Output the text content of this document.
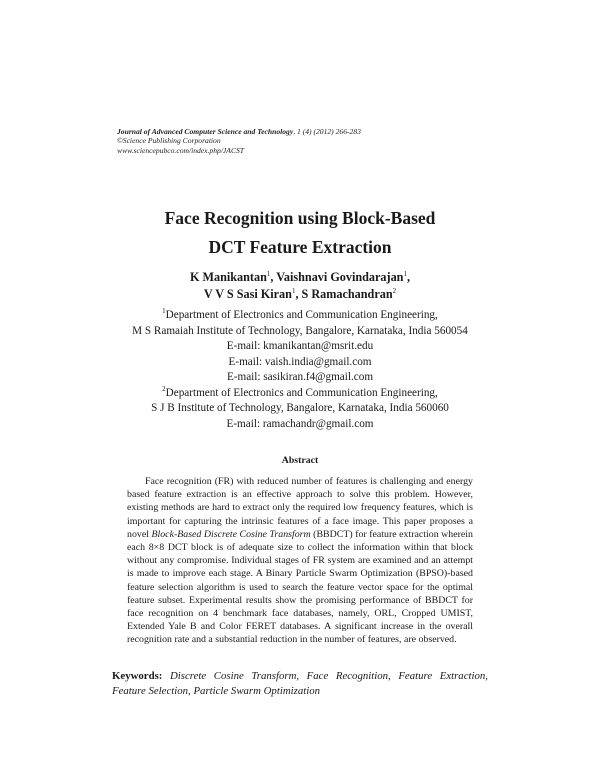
Journal of Advanced Computer Science and Technology, 1 (4) (2012) 266-283
©Science Publishing Corporation
www.sciencepubco.com/index.php/JACST
Face Recognition using Block-Based
DCT Feature Extraction
K Manikantan$^1$, Vaishnavi Govindarajan$^1$,
V V S Sasi Kiran$^1$, S Ramachandran$^2$
$^1$Department of Electronics and Communication Engineering,
M S Ramaiah Institute of Technology, Bangalore, Karnataka, India 560054
E-mail: kmanikantan@msrit.edu
E-mail: vaish.india@gmail.com
E-mail: sasikiran.f4@gmail.com
$^2$Department of Electronics and Communication Engineering,
S J B Institute of Technology, Bangalore, Karnataka, India 560060
E-mail: ramachandr@gmail.com
Abstract
Face recognition (FR) with reduced number of features is challenging and energy based feature extraction is an effective approach to solve this problem. However, existing methods are hard to extract only the required low frequency features, which is important for capturing the intrinsic features of a face image. This paper proposes a novel Block-Based Discrete Cosine Transform (BBDCT) for feature extraction wherein each 8×8 DCT block is of adequate size to collect the information within that block without any compromise. Individual stages of FR system are examined and an attempt is made to improve each stage. A Binary Particle Swarm Optimization (BPSO)-based feature selection algorithm is used to search the feature vector space for the optimal feature subset. Experimental results show the promising performance of BBDCT for face recognition on 4 benchmark face databases, namely, ORL, Cropped UMIST, Extended Yale B and Color FERET databases. A significant increase in the overall recognition rate and a substantial reduction in the number of features, are observed.
Keywords: Discrete Cosine Transform, Face Recognition, Feature Extraction, Feature Selection, Particle Swarm Optimization
